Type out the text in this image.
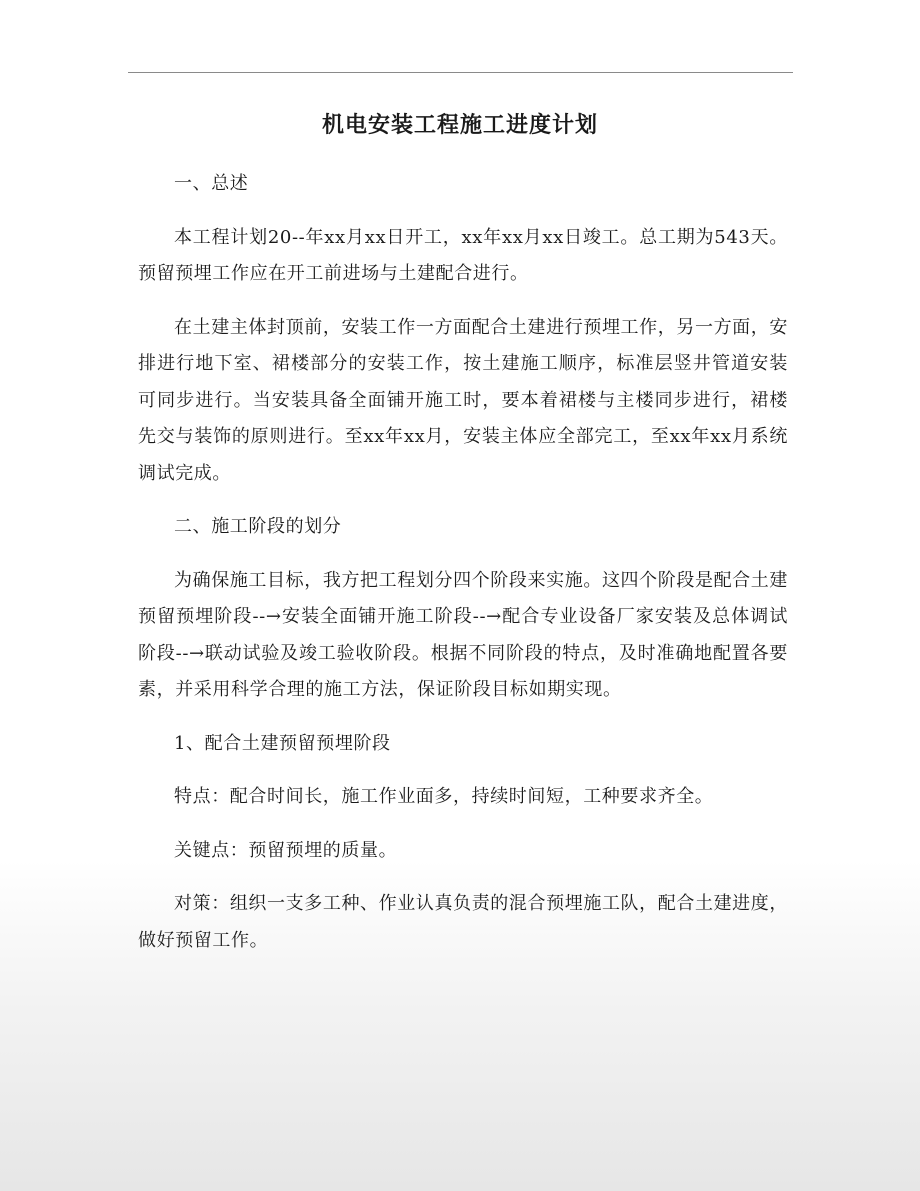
机电安装工程施工进度计划

一、总述

本工程计划20--年xx月xx日开工，xx年xx月xx日竣工。总工期为543天。预留预埋工作应在开工前进场与土建配合进行。

在土建主体封顶前，安装工作一方面配合土建进行预埋工作，另一方面，安排进行地下室、裙楼部分的安装工作，按土建施工顺序，标准层竖井管道安装可同步进行。当安装具备全面铺开施工时，要本着裙楼与主楼同步进行，裙楼先交与装饰的原则进行。至xx年xx月，安装主体应全部完工，至xx年xx月系统调试完成。

二、施工阶段的划分

为确保施工目标，我方把工程划分四个阶段来实施。这四个阶段是配合土建预留预埋阶段--→安装全面铺开施工阶段--→配合专业设备厂家安装及总体调试阶段--→联动试验及竣工验收阶段。根据不同阶段的特点，及时准确地配置各要素，并采用科学合理的施工方法，保证阶段目标如期实现。

1、配合土建预留预埋阶段

特点：配合时间长，施工作业面多，持续时间短，工种要求齐全。

关键点：预留预埋的质量。

对策：组织一支多工种、作业认真负责的混合预埋施工队，配合土建进度，做好预留工作。
